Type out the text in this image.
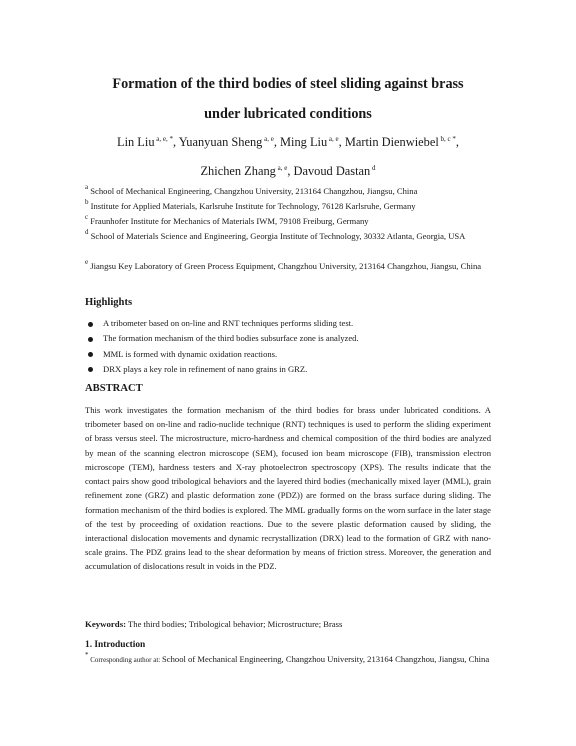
Formation of the third bodies of steel sliding against brass
under lubricated conditions
Lin Liu $^{a, e, *}$, Yuanyuan Sheng $^{a, e}$, Ming Liu $^{a, e}$, Martin Dienwiebel $^{b, c *}$,
Zhichen Zhang $^{a, e}$, Davoud Dastan $^d$
$^a$ School of Mechanical Engineering, Changzhou University, 213164 Changzhou, Jiangsu, China
$^b$ Institute for Applied Materials, Karlsruhe Institute for Technology, 76128 Karlsruhe, Germany
$^c$ Fraunhofer Institute for Mechanics of Materials IWM, 79108 Freiburg, Germany
$^d$ School of Materials Science and Engineering, Georgia Institute of Technology, 30332 Atlanta, Georgia, USA
$^e$ Jiangsu Key Laboratory of Green Process Equipment, Changzhou University, 213164 Changzhou, Jiangsu, China
Highlights
A tribometer based on on-line and RNT techniques performs sliding test.
The formation mechanism of the third bodies subsurface zone is analyzed.
MML is formed with dynamic oxidation reactions.
DRX plays a key role in refinement of nano grains in GRZ.
ABSTRACT
This work investigates the formation mechanism of the third bodies for brass under lubricated conditions. A tribometer based on on-line and radio-nuclide technique (RNT) techniques is used to perform the sliding experiment of brass versus steel. The microstructure, micro-hardness and chemical composition of the third bodies are analyzed by mean of the scanning electron microscope (SEM), focused ion beam microscope (FIB), transmission electron microscope (TEM), hardness testers and X-ray photoelectron spectroscopy (XPS). The results indicate that the contact pairs show good tribological behaviors and the layered third bodies (mechanically mixed layer (MML), grain refinement zone (GRZ) and plastic deformation zone (PDZ)) are formed on the brass surface during sliding. The formation mechanism of the third bodies is explored. The MML gradually forms on the worn surface in the later stage of the test by proceeding of oxidation reactions. Due to the severe plastic deformation caused by sliding, the interactional dislocation movements and dynamic recrystallization (DRX) lead to the formation of GRZ with nano-scale grains. The PDZ grains lead to the shear deformation by means of friction stress. Moreover, the generation and accumulation of dislocations result in voids in the PDZ.
Keywords: The third bodies; Tribological behavior; Microstructure; Brass
1. Introduction
* Corresponding author at: School of Mechanical Engineering, Changzhou University, 213164 Changzhou, Jiangsu, China
